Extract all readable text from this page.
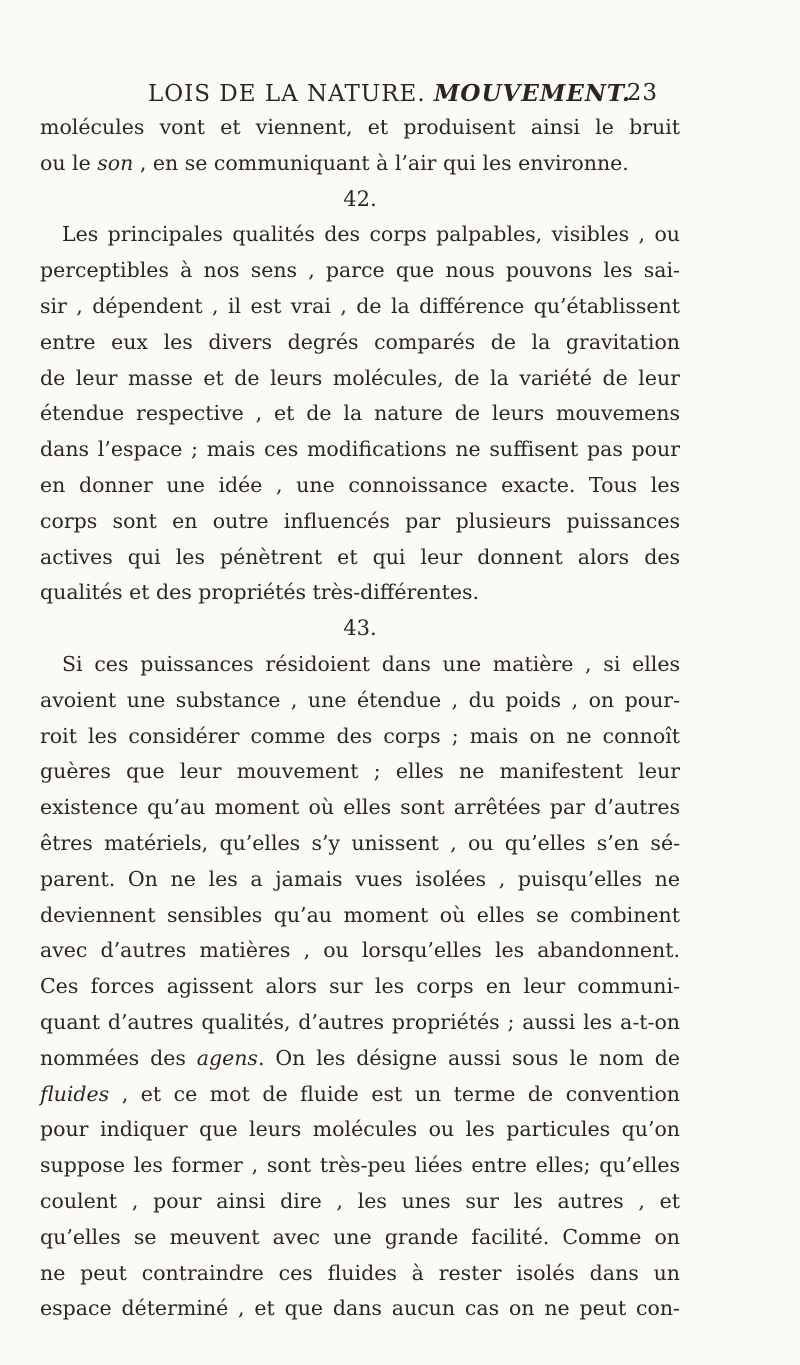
LOIS DE LA NATURE. MOUVEMENT.
23
molécules vont et viennent, et produisent ainsi le bruit
ou le son , en se communiquant à l’air qui les environne.
42.
Les principales qualités des corps palpables, visibles , ou
perceptibles à nos sens , parce que nous pouvons les sai-
sir , dépendent , il est vrai , de la différence qu’établissent
entre eux les divers degrés comparés de la gravitation
de leur masse et de leurs molécules, de la variété de leur
étendue respective , et de la nature de leurs mouvemens
dans l’espace ; mais ces modifications ne suffisent pas pour
en donner une idée , une connoissance exacte. Tous les
corps sont en outre influencés par plusieurs puissances
actives qui les pénètrent et qui leur donnent alors des
qualités et des propriétés très-différentes.
43.
Si ces puissances résidoient dans une matière , si elles
avoient une substance , une étendue , du poids , on pour-
roit les considérer comme des corps ; mais on ne connoît
guères que leur mouvement ; elles ne manifestent leur
existence qu’au moment où elles sont arrêtées par d’autres
êtres matériels, qu’elles s’y unissent , ou qu’elles s’en sé-
parent. On ne les a jamais vues isolées , puisqu’elles ne
deviennent sensibles qu’au moment où elles se combinent
avec d’autres matières , ou lorsqu’elles les abandonnent.
Ces forces agissent alors sur les corps en leur communi-
quant d’autres qualités, d’autres propriétés ; aussi les a-t-on
nommées des agens. On les désigne aussi sous le nom de
fluides , et ce mot de fluide est un terme de convention
pour indiquer que leurs molécules ou les particules qu’on
suppose les former , sont très-peu liées entre elles; qu’elles
coulent , pour ainsi dire , les unes sur les autres , et
qu’elles se meuvent avec une grande facilité. Comme on
ne peut contraindre ces fluides à rester isolés dans un
espace déterminé , et que dans aucun cas on ne peut con-
